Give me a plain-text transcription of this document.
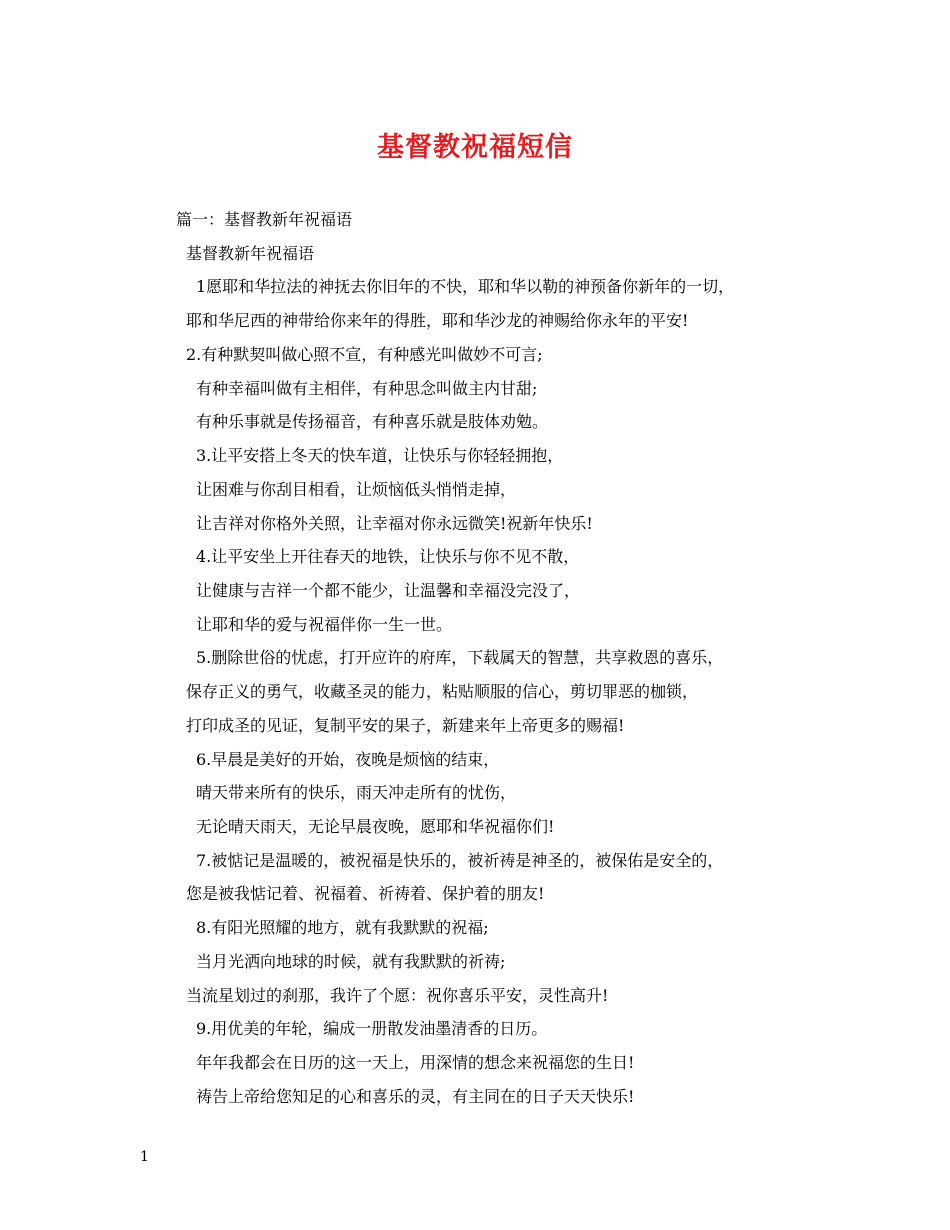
基督教祝福短信
篇一：基督教新年祝福语
基督教新年祝福语
1愿耶和华拉法的神抚去你旧年的不快，耶和华以勒的神预备你新年的一切，
耶和华尼西的神带给你来年的得胜，耶和华沙龙的神赐给你永年的平安!
2.有种默契叫做心照不宣，有种感光叫做妙不可言;
有种幸福叫做有主相伴，有种思念叫做主内甘甜;
有种乐事就是传扬福音，有种喜乐就是肢体劝勉。
3.让平安搭上冬天的快车道，让快乐与你轻轻拥抱，
让困难与你刮目相看，让烦恼低头悄悄走掉，
让吉祥对你格外关照，让幸福对你永远微笑!祝新年快乐!
4.让平安坐上开往春天的地铁，让快乐与你不见不散，
让健康与吉祥一个都不能少，让温馨和幸福没完没了，
让耶和华的爱与祝福伴你一生一世。
5.删除世俗的忧虑，打开应许的府库，下载属天的智慧，共享救恩的喜乐，
保存正义的勇气，收藏圣灵的能力，粘贴顺服的信心，剪切罪恶的枷锁，
打印成圣的见证，复制平安的果子，新建来年上帝更多的赐福!
6.早晨是美好的开始，夜晚是烦恼的结束，
晴天带来所有的快乐，雨天冲走所有的忧伤，
无论晴天雨天，无论早晨夜晚，愿耶和华祝福你们!
7.被惦记是温暖的，被祝福是快乐的，被祈祷是神圣的，被保佑是安全的，
您是被我惦记着、祝福着、祈祷着、保护着的朋友!
8.有阳光照耀的地方，就有我默默的祝福;
当月光洒向地球的时候，就有我默默的祈祷;
当流星划过的刹那，我许了个愿：祝你喜乐平安，灵性高升!
9.用优美的年轮，编成一册散发油墨清香的日历。
年年我都会在日历的这一天上，用深情的想念来祝福您的生日!
祷告上帝给您知足的心和喜乐的灵，有主同在的日子天天快乐!
1
